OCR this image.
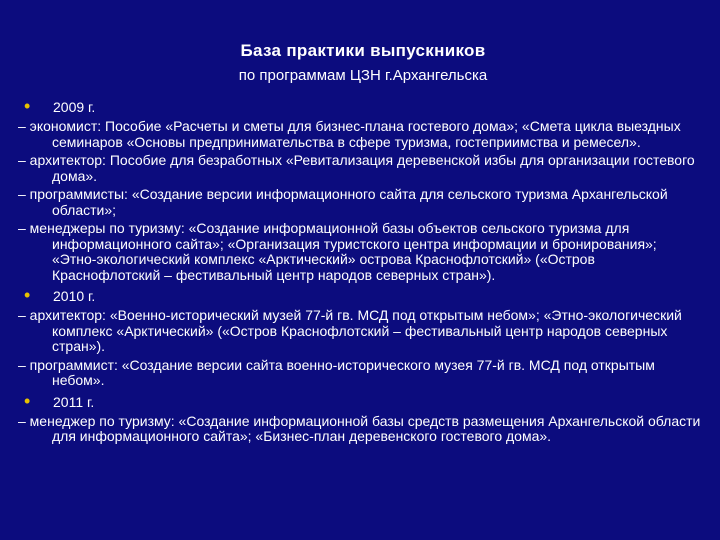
База практики выпускников
по программам ЦЗН г.Архангельска
• 2009 г.
– экономист: Пособие «Расчеты и сметы для бизнес-плана гостевого дома»; «Смета цикла выездных семинаров «Основы предпринимательства в сфере туризма, гостеприимства и ремесел».
– архитектор: Пособие для безработных «Ревитализация деревенской избы для организации гостевого дома».
– программисты: «Создание версии информационного сайта для сельского туризма Архангельской области»;
– менеджеры по туризму: «Создание информационной базы объектов сельского туризма для информационного сайта»; «Организация туристского центра информации и бронирования»; «Этно-экологический комплекс «Арктический» острова Краснофлотский» («Остров Краснофлотский – фестивальный центр народов северных стран»).
• 2010 г.
– архитектор: «Военно-исторический музей 77-й гв. МСД под открытым небом»; «Этно-экологический комплекс «Арктический» («Остров Краснофлотский – фестивальный центр народов северных стран»).
– программист: «Создание версии сайта военно-исторического музея 77-й гв. МСД под открытым небом».
• 2011 г.
– менеджер по туризму: «Создание информационной базы средств размещения Архангельской области для информационного сайта»; «Бизнес-план деревенского гостевого дома».
